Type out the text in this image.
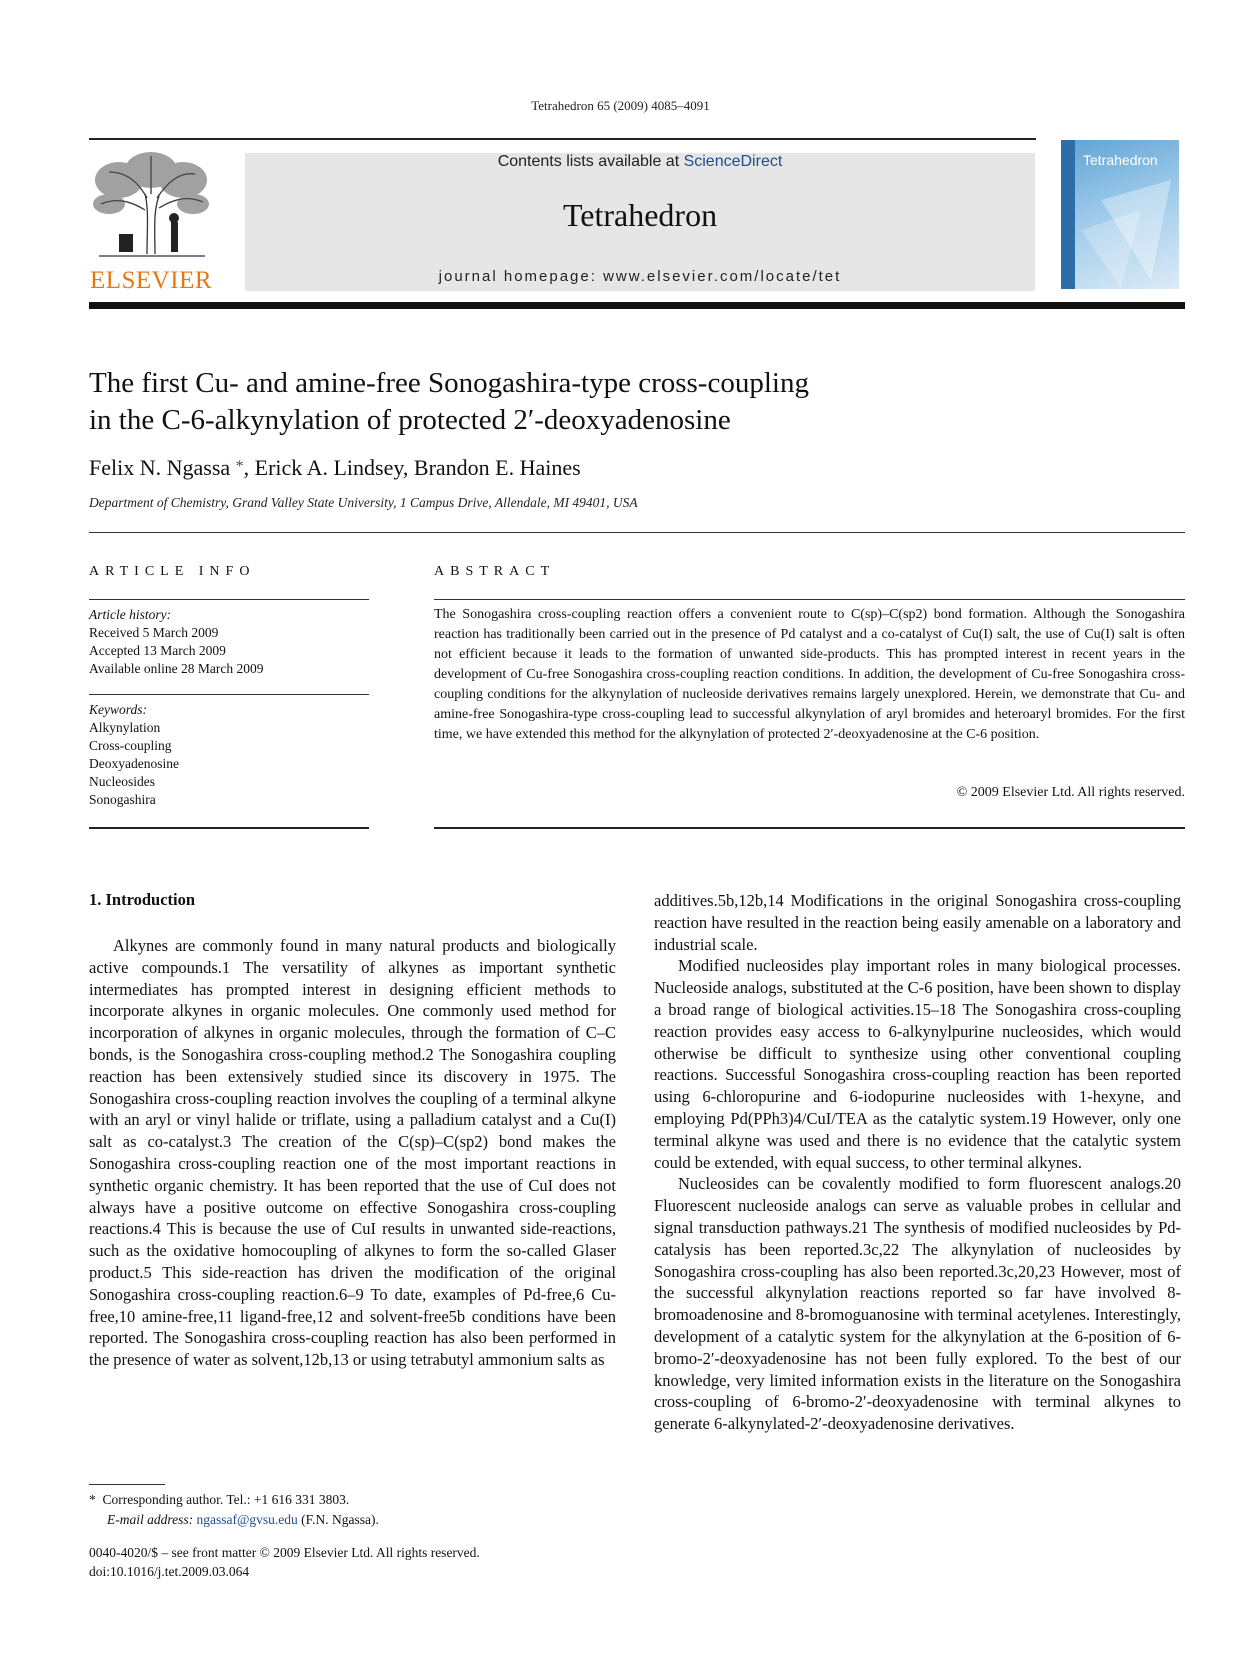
Tetrahedron 65 (2009) 4085–4091
ELSEVIER
Contents lists available at ScienceDirect
Tetrahedron
journal homepage: www.elsevier.com/locate/tet
Tetrahedron
The first Cu- and amine-free Sonogashira-type cross-coupling
in the C-6-alkynylation of protected 2′-deoxyadenosine
Felix N. Ngassa *, Erick A. Lindsey, Brandon E. Haines
Department of Chemistry, Grand Valley State University, 1 Campus Drive, Allendale, MI 49401, USA
ARTICLE INFO	ABSTRACT
Article history:
Received 5 March 2009
Accepted 13 March 2009
Available online 28 March 2009
Keywords:
Alkynylation
Cross-coupling
Deoxyadenosine
Nucleosides
Sonogashira
The Sonogashira cross-coupling reaction offers a convenient route to C(sp)–C(sp2) bond formation. Although the Sonogashira reaction has traditionally been carried out in the presence of Pd catalyst and a co-catalyst of Cu(I) salt, the use of Cu(I) salt is often not efficient because it leads to the formation of unwanted side-products. This has prompted interest in recent years in the development of Cu-free Sonogashira cross-coupling reaction conditions. In addition, the development of Cu-free Sonogashira cross-coupling conditions for the alkynylation of nucleoside derivatives remains largely unexplored. Herein, we demonstrate that Cu- and amine-free Sonogashira-type cross-coupling lead to successful alkynylation of aryl bromides and heteroaryl bromides. For the first time, we have extended this method for the alkynylation of protected 2′-deoxyadenosine at the C-6 position.
© 2009 Elsevier Ltd. All rights reserved.
1. Introduction

Alkynes are commonly found in many natural products and biologically active compounds.1 The versatility of alkynes as important synthetic intermediates has prompted interest in designing efficient methods to incorporate alkynes in organic molecules. One commonly used method for incorporation of alkynes in organic molecules, through the formation of C–C bonds, is the Sonogashira cross-coupling method.2 The Sonogashira coupling reaction has been extensively studied since its discovery in 1975. The Sonogashira cross-coupling reaction involves the coupling of a terminal alkyne with an aryl or vinyl halide or triflate, using a palladium catalyst and a Cu(I) salt as co-catalyst.3 The creation of the C(sp)–C(sp2) bond makes the Sonogashira cross-coupling reaction one of the most important reactions in synthetic organic chemistry. It has been reported that the use of CuI does not always have a positive outcome on effective Sonogashira cross-coupling reactions.4 This is because the use of CuI results in unwanted side-reactions, such as the oxidative homocoupling of alkynes to form the so-called Glaser product.5 This side-reaction has driven the modification of the original Sonogashira cross-coupling reaction.6–9 To date, examples of Pd-free,6 Cu-free,10 amine-free,11 ligand-free,12 and solvent-free5b conditions have been reported. The Sonogashira cross-coupling reaction has also been performed in the presence of water as solvent,12b,13 or using tetrabutyl ammonium salts as

additives.5b,12b,14 Modifications in the original Sonogashira cross-coupling reaction have resulted in the reaction being easily amenable on a laboratory and industrial scale.

Modified nucleosides play important roles in many biological processes. Nucleoside analogs, substituted at the C-6 position, have been shown to display a broad range of biological activities.15–18 The Sonogashira cross-coupling reaction provides easy access to 6-alkynylpurine nucleosides, which would otherwise be difficult to synthesize using other conventional coupling reactions. Successful Sonogashira cross-coupling reaction has been reported using 6-chloropurine and 6-iodopurine nucleosides with 1-hexyne, and employing Pd(PPh3)4/CuI/TEA as the catalytic system.19 However, only one terminal alkyne was used and there is no evidence that the catalytic system could be extended, with equal success, to other terminal alkynes.

Nucleosides can be covalently modified to form fluorescent analogs.20 Fluorescent nucleoside analogs can serve as valuable probes in cellular and signal transduction pathways.21 The synthesis of modified nucleosides by Pd-catalysis has been reported.3c,22 The alkynylation of nucleosides by Sonogashira cross-coupling has also been reported.3c,20,23 However, most of the successful alkynylation reactions reported so far have involved 8-bromoadenosine and 8-bromoguanosine with terminal acetylenes. Interestingly, development of a catalytic system for the alkynylation at the 6-position of 6-bromo-2′-deoxyadenosine has not been fully explored. To the best of our knowledge, very limited information exists in the literature on the Sonogashira cross-coupling of 6-bromo-2′-deoxyadenosine with terminal alkynes to generate 6-alkynylated-2′-deoxyadenosine derivatives.

* Corresponding author. Tel.: +1 616 331 3803.
E-mail address: ngassaf@gvsu.edu (F.N. Ngassa).
0040-4020/$ – see front matter © 2009 Elsevier Ltd. All rights reserved.
doi:10.1016/j.tet.2009.03.064
